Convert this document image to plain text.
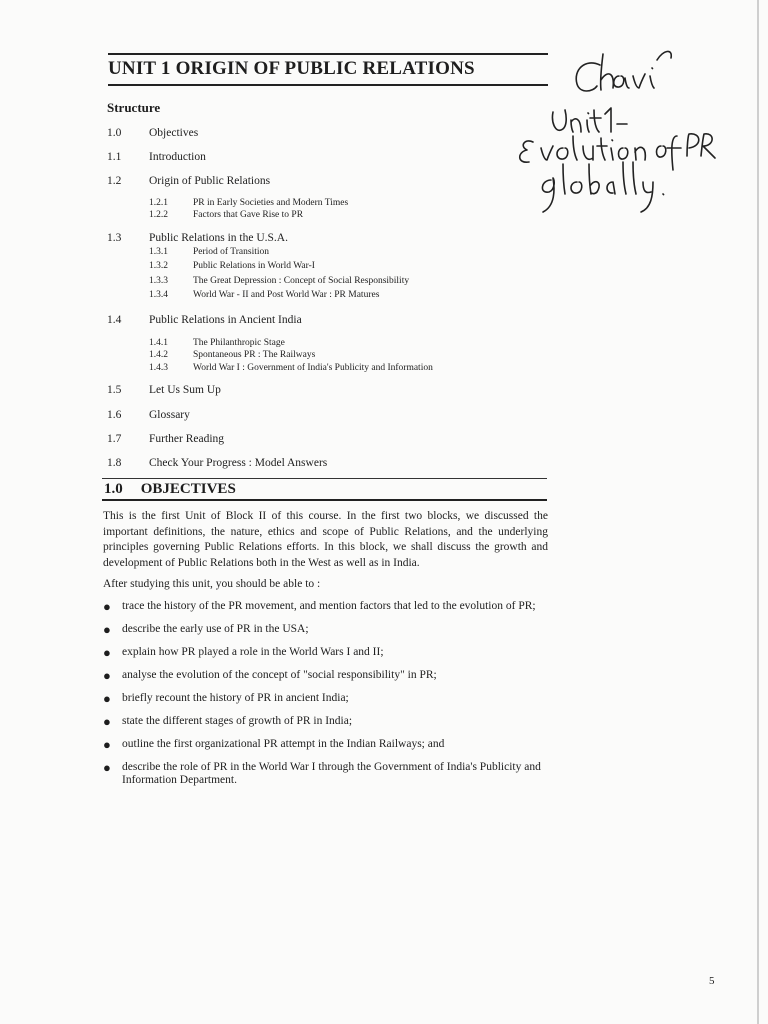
UNIT 1 ORIGIN OF PUBLIC RELATIONS
Structure
1.0 Objectives
1.1 Introduction
1.2 Origin of Public Relations
1.2.1	PR in Early Societies and Modern Times
1.2.2	Factors that Gave Rise to PR
1.3 Public Relations in the U.S.A.
1.3.1	Period of Transition
1.3.2	Public Relations in World War-I
1.3.3	The Great Depression : Concept of Social Responsibility
1.3.4	World War - II and Post World War : PR Matures
1.4 Public Relations in Ancient India
1.4.1	The Philanthropic Stage
1.4.2	Spontaneous PR : The Railways
1.4.3	World War I : Government of India's Publicity and Information
1.5 Let Us Sum Up
1.6 Glossary
1.7 Further Reading
1.8 Check Your Progress : Model Answers
1.0 OBJECTIVES
This is the first Unit of Block II of this course. In the first two blocks, we discussed the important definitions, the nature, ethics and scope of Public Relations, and the underlying principles governing Public Relations efforts. In this block, we shall discuss the growth and development of Public Relations both in the West as well as in India.
After studying this unit, you should be able to :
● trace the history of the PR movement, and mention factors that led to the evolution of PR;
● describe the early use of PR in the USA;
● explain how PR played a role in the World Wars I and II;
● analyse the evolution of the concept of "social responsibility" in PR;
● briefly recount the history of PR in ancient India;
● state the different stages of growth of PR in India;
● outline the first organizational PR attempt in the Indian Railways; and
● describe the role of PR in the World War I through the Government of India's Publicity and Information Department.
5
